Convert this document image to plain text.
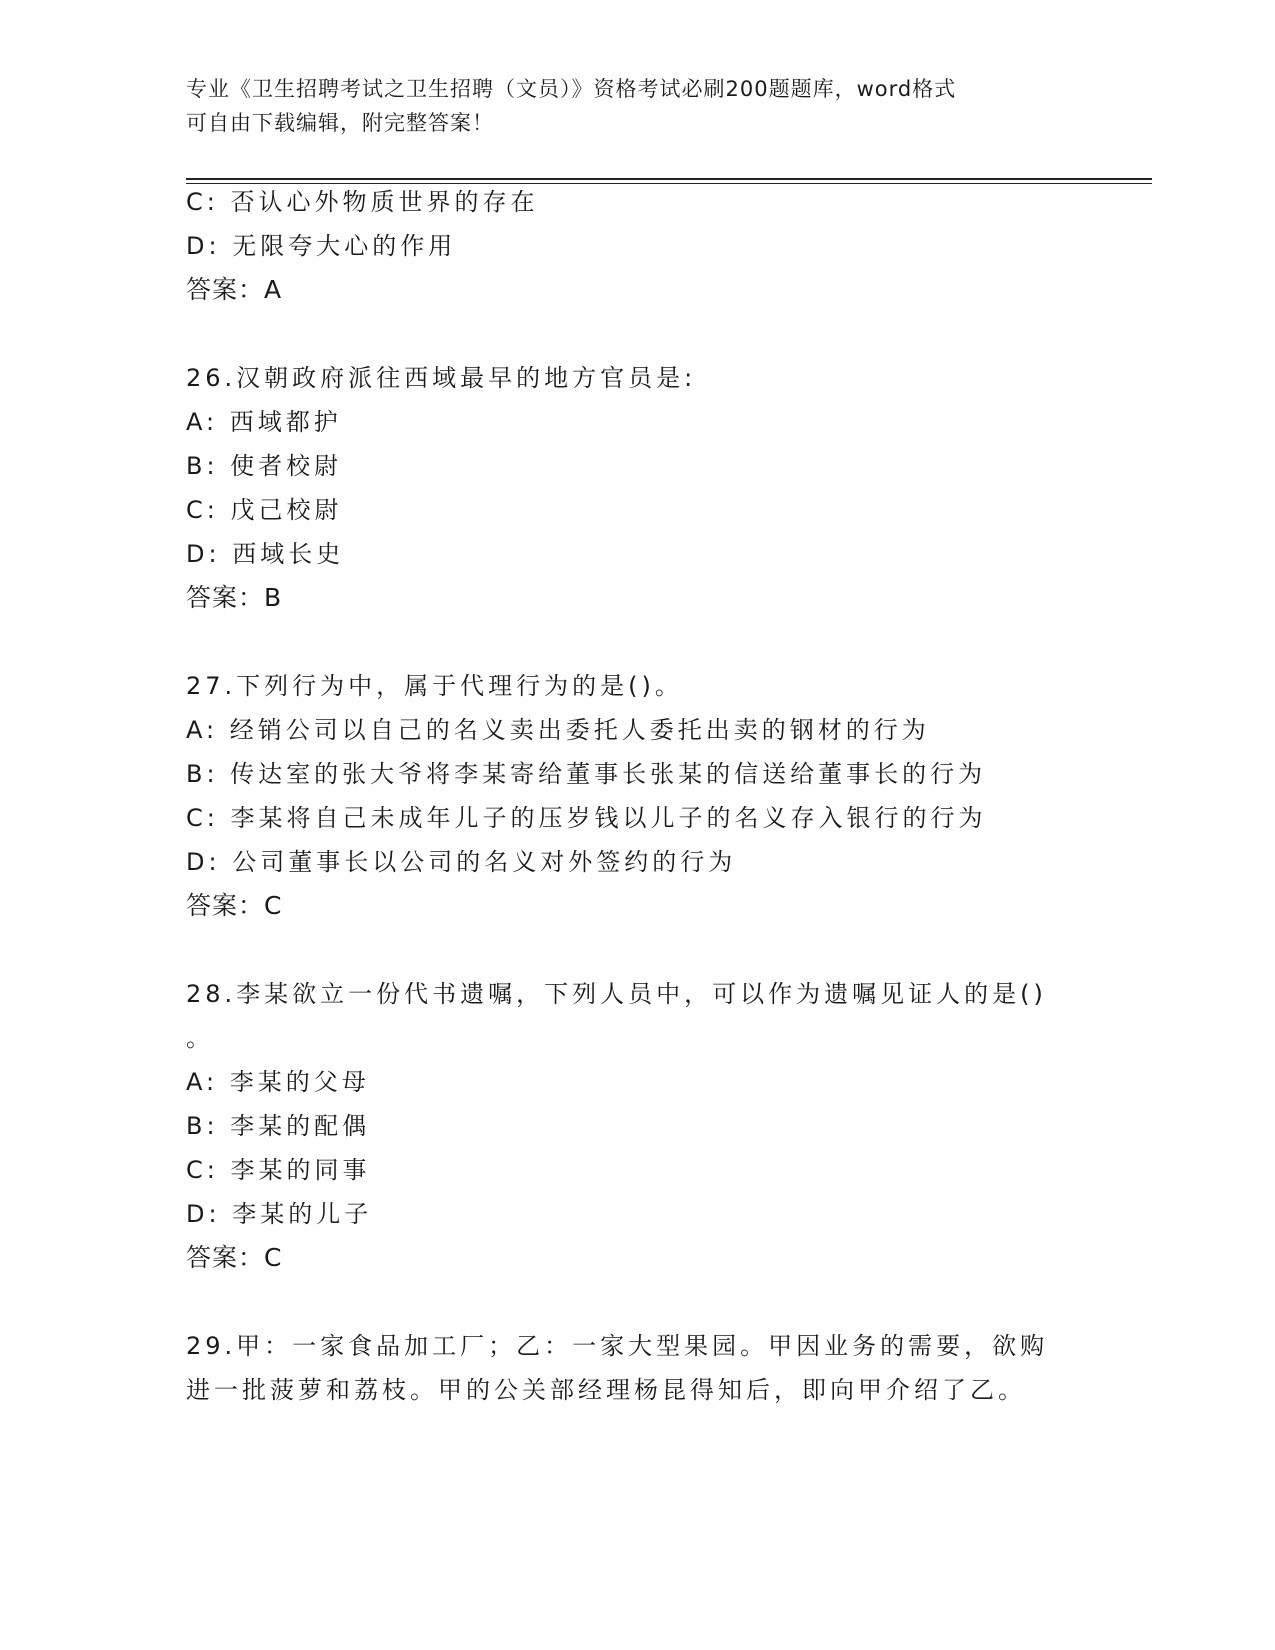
专业《卫生招聘考试之卫生招聘（文员）》资格考试必刷200题题库，word格式
可自由下载编辑，附完整答案！
C: 否认心外物质世界的存在
D: 无限夸大心的作用
答案：A
26.汉朝政府派往西域最早的地方官员是:
A: 西域都护
B: 使者校尉
C: 戊己校尉
D: 西域长史
答案：B
27.下列行为中，属于代理行为的是()。
A: 经销公司以自己的名义卖出委托人委托出卖的钢材的行为
B: 传达室的张大爷将李某寄给董事长张某的信送给董事长的行为
C: 李某将自己未成年儿子的压岁钱以儿子的名义存入银行的行为
D: 公司董事长以公司的名义对外签约的行为
答案：C
28.李某欲立一份代书遗嘱，下列人员中，可以作为遗嘱见证人的是()
。
A: 李某的父母
B: 李某的配偶
C: 李某的同事
D: 李某的儿子
答案：C
29.甲：一家食品加工厂；乙：一家大型果园。甲因业务的需要，欲购
进一批菠萝和荔枝。甲的公关部经理杨昆得知后，即向甲介绍了乙。
